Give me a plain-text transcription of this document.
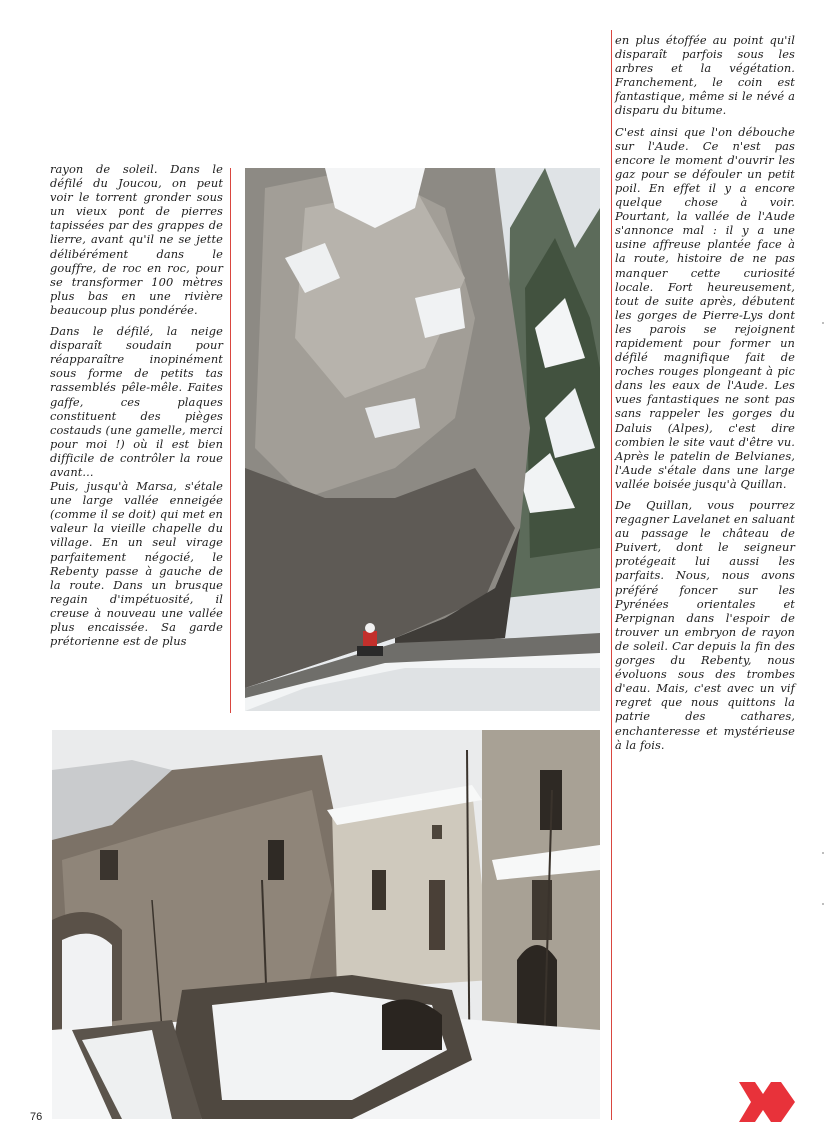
rayon de soleil. Dans le défilé du Joucou, on peut voir le torrent gronder sous un vieux pont de pierres tapissées par des grappes de lierre, avant qu'il ne se jette délibérément dans le gouffre, de roc en roc, pour se transformer 100 mètres plus bas en une rivière beaucoup plus pondérée.

Dans le défilé, la neige disparaît soudain pour réapparaître inopinément sous forme de petits tas rassemblés pêle-mêle. Faites gaffe, ces plaques constituent des pièges costauds (une gamelle, merci pour moi !) où il est bien difficile de contrôler la roue avant...

Puis, jusqu'à Marsa, s'étale une large vallée enneigée (comme il se doit) qui met en valeur la vieille chapelle du village. En un seul virage parfaitement négocié, le Rebenty passe à gauche de la route. Dans un brusque regain d'impétuosité, il creuse à nouveau une vallée plus encaissée. Sa garde prétorienne est de plus

en plus étoffée au point qu'il disparaît parfois sous les arbres et la végétation. Franchement, le coin est fantastique, même si le névé a disparu du bitume.

C'est ainsi que l'on débouche sur l'Aude. Ce n'est pas encore le moment d'ouvrir les gaz pour se défouler un petit poil. En effet il y a encore quelque chose à voir. Pourtant, la vallée de l'Aude s'annonce mal : il y a une usine affreuse plantée face à la route, histoire de ne pas manquer cette curiosité locale. Fort heureusement, tout de suite après, débutent les gorges de Pierre-Lys dont les parois se rejoignent rapidement pour former un défilé magnifique fait de roches rouges plongeant à pic dans les eaux de l'Aude. Les vues fantastiques ne sont pas sans rappeler les gorges du Daluis (Alpes), c'est dire combien le site vaut d'être vu. Après le patelin de Belvianes, l'Aude s'étale dans une large vallée boisée jusqu'à Quillan.

De Quillan, vous pourrez regagner Lavelanet en saluant au passage le château de Puivert, dont le seigneur protégeait lui aussi les parfaits. Nous, nous avons préféré foncer sur les Pyrénées orientales et Perpignan dans l'espoir de trouver un embryon de rayon de soleil. Car depuis la fin des gorges du Rebenty, nous évoluons sous des trombes d'eau. Mais, c'est avec un vif regret que nous quittons la patrie des cathares, enchanteresse et mystérieuse à la fois.

76
